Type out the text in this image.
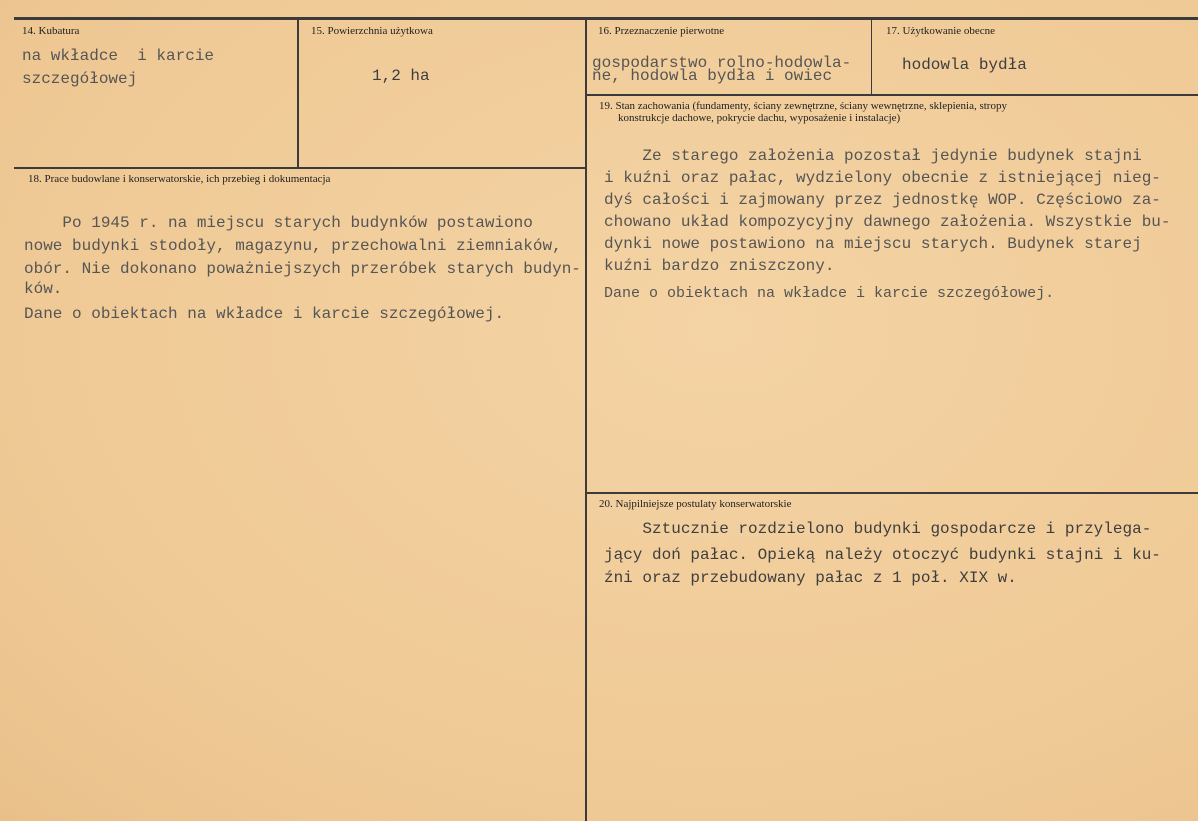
14. Kubatura
na wkładce  i karcie
szczegółowej
15. Powierzchnia użytkowa
1,2 ha
16. Przeznaczenie pierwotne
gospodarstwo rolno-hodowla-
ne, hodowla bydła i owiec
17. Użytkowanie obecne
hodowla bydła
19. Stan zachowania (fundamenty, ściany zewnętrzne, ściany wewnętrzne, sklepienia, stropy
konstrukcje dachowe, pokrycie dachu, wyposażenie i instalacje)
Ze starego założenia pozostał jedynie budynek stajni
i kuźni oraz pałac, wydzielony obecnie z istniejącej nieg-
dyś całości i zajmowany przez jednostkę WOP. Częściowo za-
chowano układ kompozycyjny dawnego założenia. Wszystkie bu-
dynki nowe postawiono na miejscu starych. Budynek starej
kuźni bardzo zniszczony.
Dane o obiektach na wkładce i karcie szczegółowej.
18. Prace budowlane i konserwatorskie, ich przebieg i dokumentacja
Po 1945 r. na miejscu starych budynków postawiono
nowe budynki stodoły, magazynu, przechowalni ziemniaków,
obór. Nie dokonano poważniejszych przeróbek starych budyn-
ków.
Dane o obiektach na wkładce i karcie szczegółowej.
20. Najpilniejsze postulaty konserwatorskie
Sztucznie rozdzielono budynki gospodarcze i przylega-
jący doń pałac. Opieką należy otoczyć budynki stajni i ku-
źni oraz przebudowany pałac z 1 poł. XIX w.
